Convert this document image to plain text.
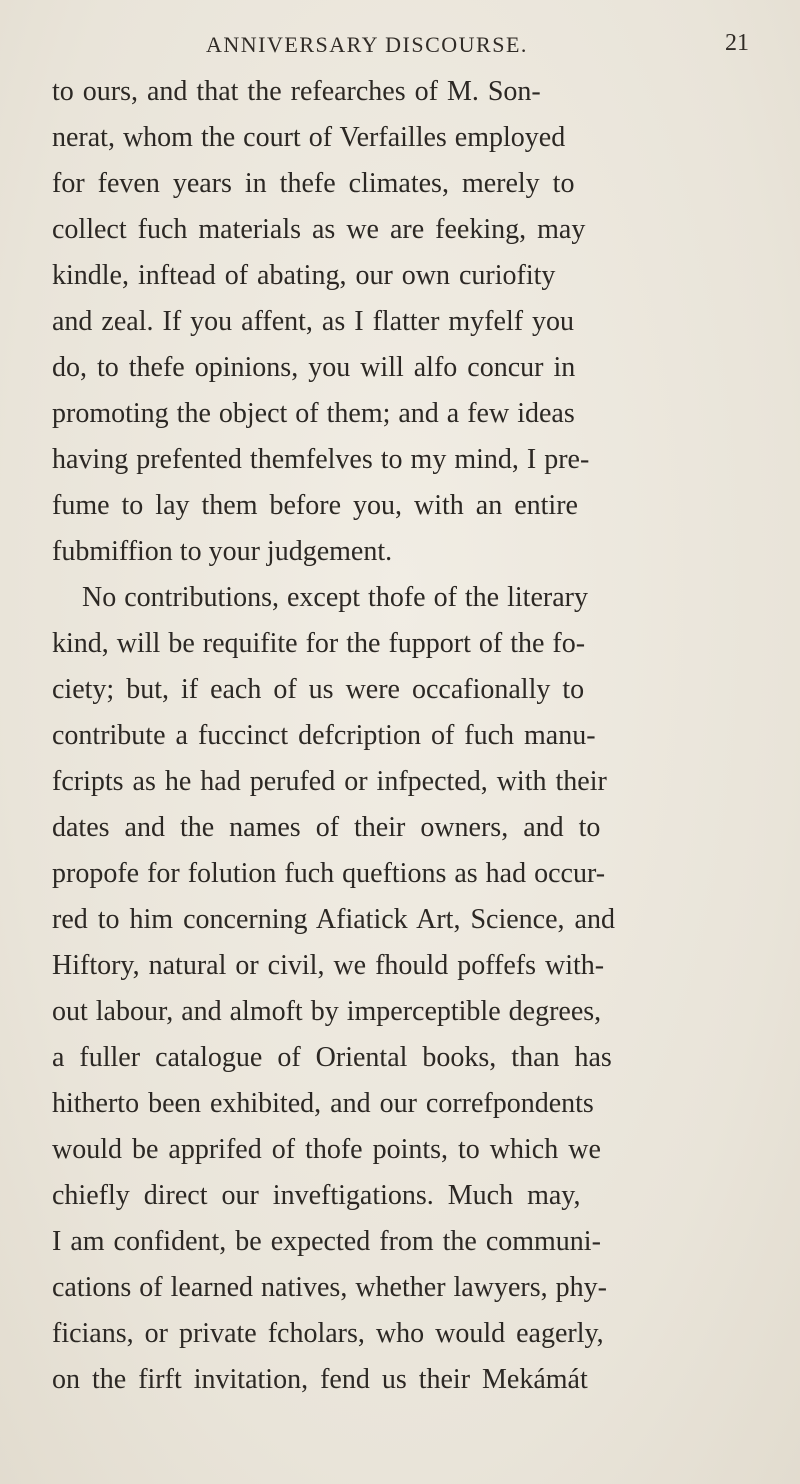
ANNIVERSARY DISCOURSE.	21
to ours, and that the refearches of M. Son-
nerat, whom the court of Verfailles employed
for feven years in thefe climates, merely to
collect fuch materials as we are feeking, may
kindle, inftead of abating, our own curiofity
and zeal. If you affent, as I flatter myfelf you
do, to thefe opinions, you will alfo concur in
promoting the object of them; and a few ideas
having prefented themfelves to my mind, I pre-
fume to lay them before you, with an entire
fubmiffion to your judgement.
No contributions, except thofe of the literary
kind, will be requifite for the fupport of the fo-
ciety; but, if each of us were occafionally to
contribute a fuccinct defcription of fuch manu-
fcripts as he had perufed or infpected, with their
dates and the names of their owners, and to
propofe for folution fuch queftions as had occur-
red to him concerning Afiatick Art, Science, and
Hiftory, natural or civil, we fhould poffefs with-
out labour, and almoft by imperceptible degrees,
a fuller catalogue of Oriental books, than has
hitherto been exhibited, and our correfpondents
would be apprifed of thofe points, to which we
chiefly direct our inveftigations. Much may,
I am confident, be expected from the communi-
cations of learned natives, whether lawyers, phy-
ficians, or private fcholars, who would eagerly,
on the firft invitation, fend us their Mekámát
